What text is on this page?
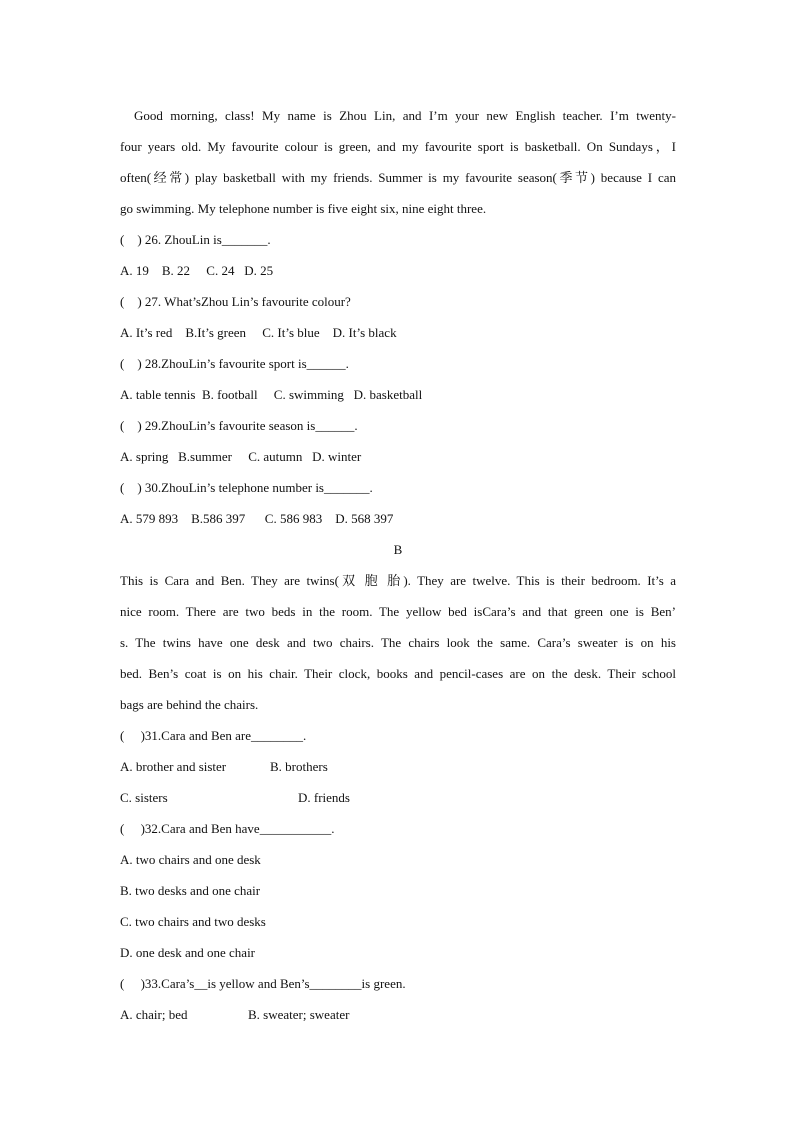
Good morning, class! My name is Zhou Lin, and I’m your new English teacher. I’m twenty-
four years old. My favourite colour is green, and my favourite sport is basketball. On Sundays，I
often(经常) play basketball with my friends. Summer is my favourite season(季节) because I can
go swimming. My telephone number is five eight six, nine eight three.
(    ) 26. ZhouLin is_______.
A. 19    B. 22     C. 24   D. 25
(    ) 27. What’sZhou Lin’s favourite colour?
A. It’s red    B.It’s green     C. It’s blue    D. It’s black
(    ) 28.ZhouLin’s favourite sport is______.
A. table tennis  B. football     C. swimming   D. basketball
(    ) 29.ZhouLin’s favourite season is______.
A. spring   B.summer     C. autumn   D. winter
(    ) 30.ZhouLin’s telephone number is_______.
A. 579 893    B.586 397      C. 586 983    D. 568 397
B
This is Cara and Ben. They are twins(双 胞 胎). They are twelve. This is their bedroom. It’s a
nice room. There are two beds in the room. The yellow bed isCara’s and that green one is Ben’
s. The twins have one desk and two chairs. The chairs look the same. Cara’s sweater is on his
bed. Ben’s coat is on his chair. Their clock, books and pencil-cases are on the desk. Their school
bags are behind the chairs.
(     )31.Cara and Ben are________.
A. brother and sister	B. brothers
C. sisters	D. friends
(     )32.Cara and Ben have___________.
A. two chairs and one desk
B. two desks and one chair
C. two chairs and two desks
D. one desk and one chair
(     )33.Cara’s__is yellow and Ben’s________is green.
A. chair; bed	B. sweater; sweater
